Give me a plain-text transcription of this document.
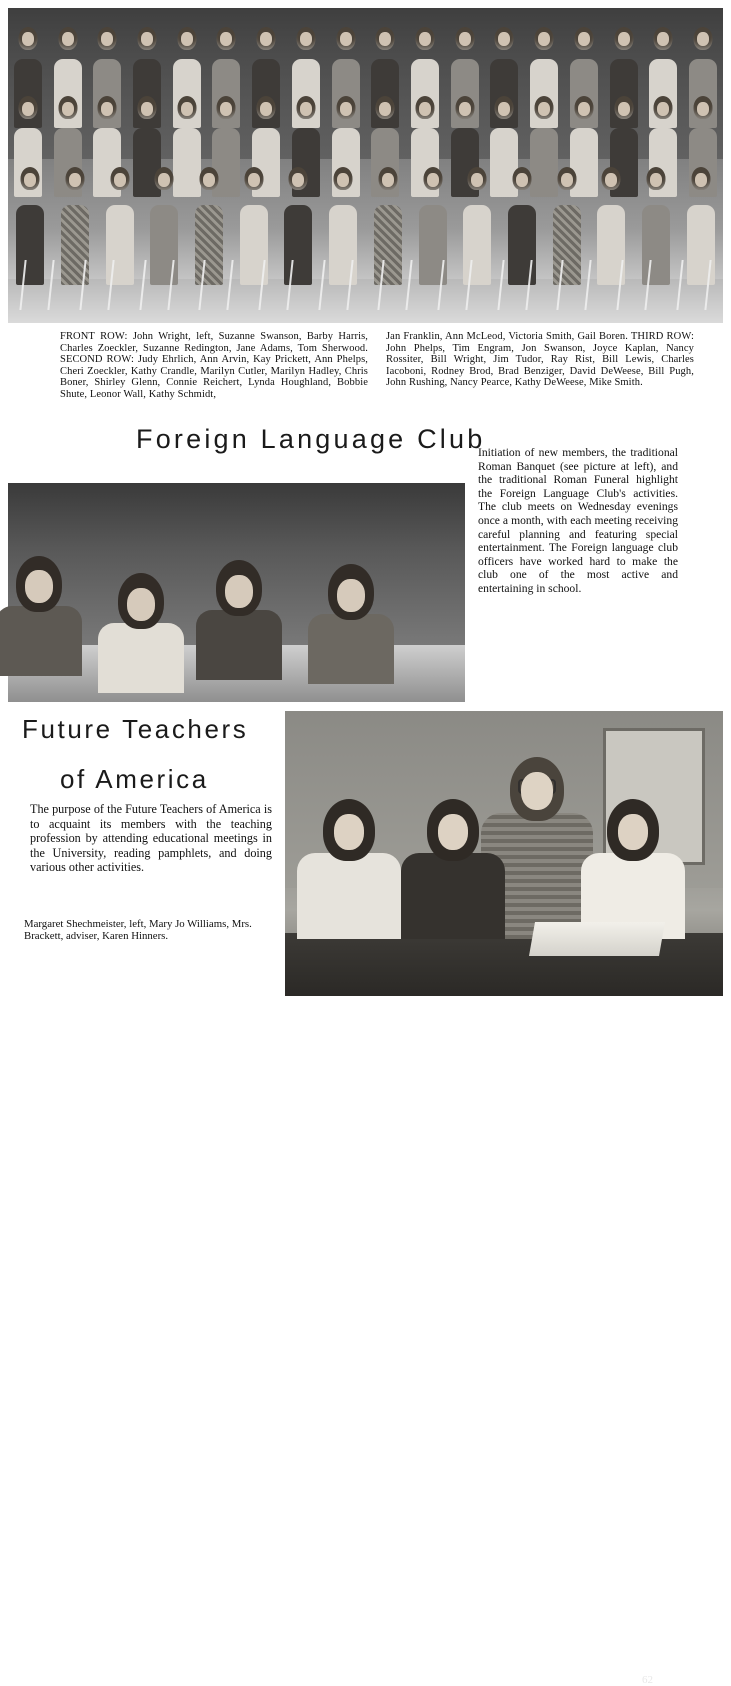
FRONT ROW: John Wright, left, Suzanne Swanson, Barby Harris, Charles Zoeckler, Suzanne Redington, Jane Adams, Tom Sherwood. SECOND ROW: Judy Ehrlich, Ann Arvin, Kay Prickett, Ann Phelps, Cheri Zoeckler, Kathy Crandle, Marilyn Cutler, Marilyn Hadley, Chris Boner, Shirley Glenn, Connie Reichert, Lynda Houghland, Bobbie Shute, Leonor Wall, Kathy Schmidt,
Jan Franklin, Ann McLeod, Victoria Smith, Gail Boren. THIRD ROW: John Phelps, Tim Engram, Jon Swanson, Joyce Kaplan, Nancy Rossiter, Bill Wright, Jim Tudor, Ray Rist, Bill Lewis, Charles Iacoboni, Rodney Brod, Brad Benziger, David DeWeese, Bill Pugh, John Rushing, Nancy Pearce, Kathy DeWeese, Mike Smith.
Foreign Language Club
Initiation of new members, the traditional Roman Banquet (see picture at left), and the traditional Roman Funeral highlight the Foreign Language Club's activities. The club meets on Wednesday evenings once a month, with each meeting receiving careful planning and featuring special entertainment. The Foreign language club officers have worked hard to make the club one of the most active and entertaining in school.
Future Teachers
of America
The purpose of the Future Teachers of America is to acquaint its members with the teaching profession by attending educational meetings in the University, reading pamphlets, and doing various other activities.
Margaret Shechmeister, left, Mary Jo Williams, Mrs. Brackett, adviser, Karen Hinners.
62
